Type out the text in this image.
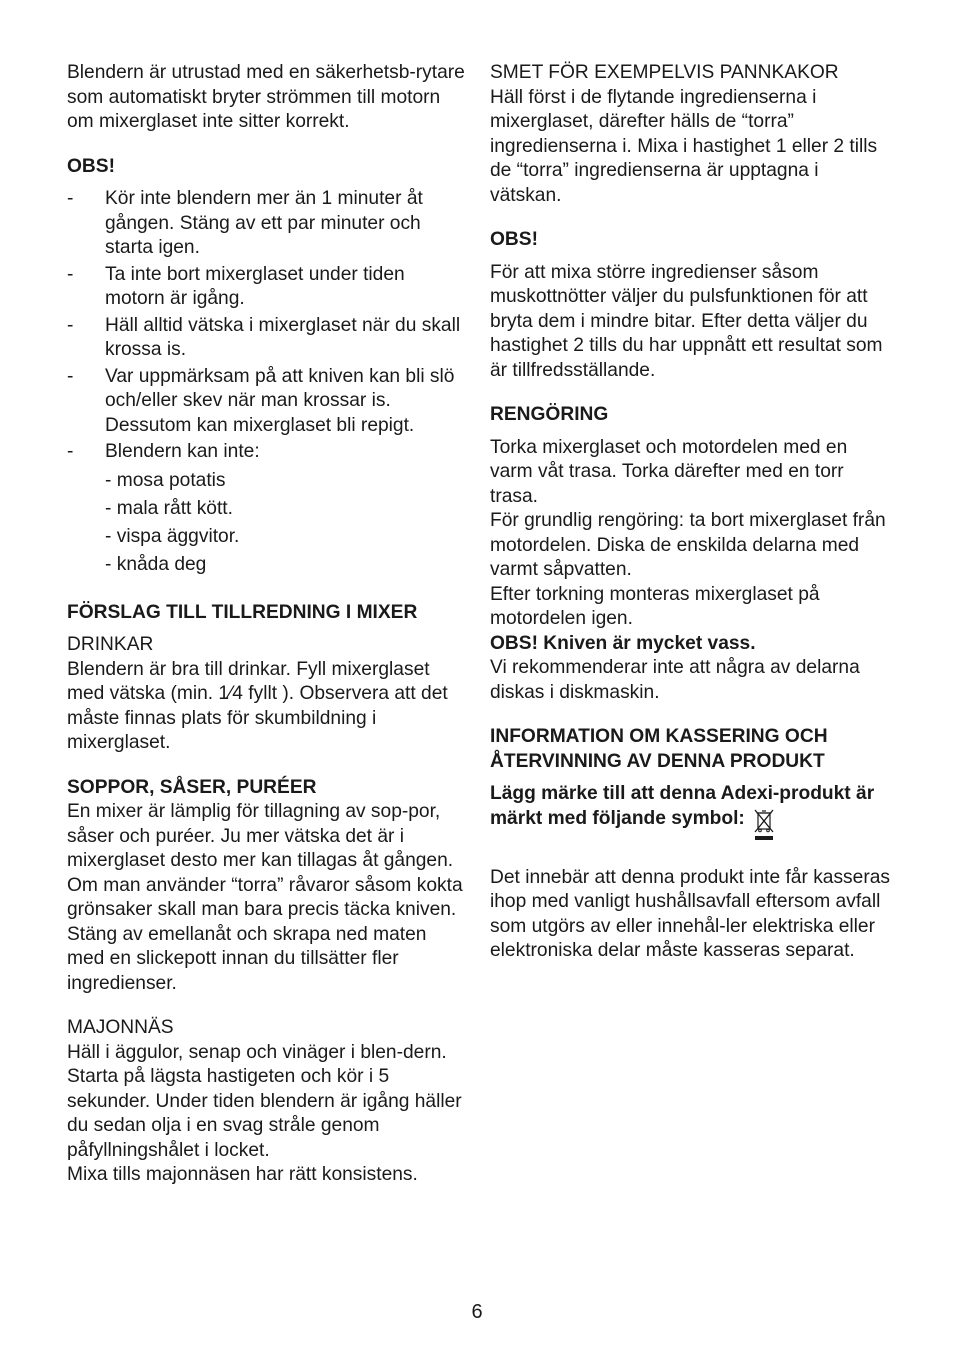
Blendern är utrustad med en säkerhetsb-rytare som automatiskt bryter strömmen till motorn om mixerglaset inte sitter korrekt.

OBS!

- Kör inte blendern mer än 1 minuter åt gången. Stäng av ett par minuter och starta igen.
- Ta inte bort mixerglaset under tiden motorn är igång.
- Häll alltid vätska i mixerglaset när du skall krossa is.
- Var uppmärksam på att kniven kan bli slö och/eller skev när man krossar is. Dessutom kan mixerglaset bli repigt.
- Blendern kan inte:
- mosa potatis
- mala rått kött.
- vispa äggvitor.
- knåda deg

FÖRSLAG TILL TILLREDNING I MIXER

DRINKAR

Blendern är bra till drinkar. Fyll mixerglaset med vätska (min. 1⁄4 fyllt ). Observera att det måste finnas plats för skumbildning i mixerglaset.

SOPPOR, SÅSER, PURÉER

En mixer är lämplig för tillagning av sop-por, såser och puréer. Ju mer vätska det är i mixerglaset desto mer kan tillagas åt gången.

Om man använder “torra” råvaror såsom kokta grönsaker skall man bara precis täcka kniven. Stäng av emellanåt och skrapa ned maten med en slickepott innan du tillsätter fler ingredienser.

MAJONNÄS

Häll i äggulor, senap och vinäger i blen-dern. Starta på lägsta hastigeten och kör i 5 sekunder. Under tiden blendern är igång häller du sedan olja i en svag stråle genom påfyllningshålet i locket.

Mixa tills majonnäsen har rätt konsistens.

SMET FÖR EXEMPELVIS PANNKAKOR

Häll först i de flytande ingredienserna i mixerglaset, därefter hälls de “torra” ingredienserna i. Mixa i hastighet 1 eller 2 tills de “torra” ingredienserna är upptagna i vätskan.

OBS!

För att mixa större ingredienser såsom muskottnötter väljer du pulsfunktionen för att bryta dem i mindre bitar. Efter detta väljer du hastighet 2 tills du har uppnått ett resultat som är tillfredsställande.

RENGÖRING

Torka mixerglaset och motordelen med en varm våt trasa. Torka därefter med en torr trasa.

För grundlig rengöring: ta bort mixerglaset från motordelen. Diska de enskilda delarna med varmt såpvatten.

Efter torkning monteras mixerglaset på motordelen igen.

OBS! Kniven är mycket vass.

Vi rekommenderar inte att några av delarna diskas i diskmaskin.

INFORMATION OM KASSERING OCH ÅTERVINNING AV DENNA PRODUKT

Lägg märke till att denna Adexi-produkt är märkt med följande symbol:

Det innebär att denna produkt inte får kasseras ihop med vanligt hushållsavfall eftersom avfall som utgörs av eller innehål-ler elektriska eller elektroniska delar måste kasseras separat.

6
